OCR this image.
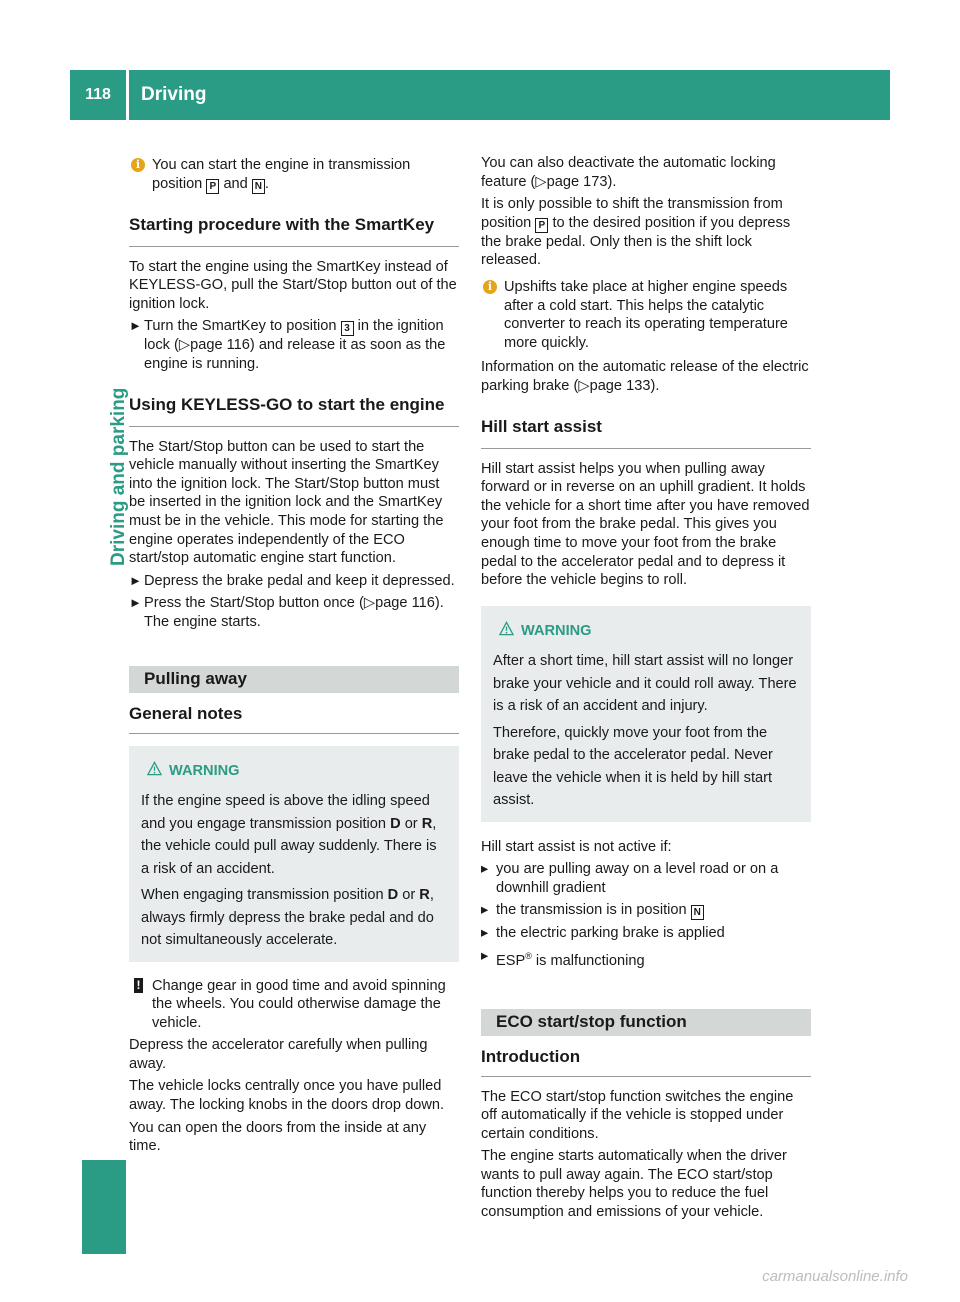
118	Driving
Driving and parking

i You can start the engine in transmission position P and N .

Starting procedure with the SmartKey

To start the engine using the SmartKey instead of KEYLESS-GO, pull the Start/Stop button out of the ignition lock.

► Turn the SmartKey to position 3 in the ignition lock (▷page 116) and release it as soon as the engine is running.

Using KEYLESS-GO to start the engine

The Start/Stop button can be used to start the vehicle manually without inserting the SmartKey into the ignition lock. The Start/Stop button must be inserted in the ignition lock and the SmartKey must be in the vehicle. This mode for starting the engine operates independently of the ECO start/stop automatic engine start function.

► Depress the brake pedal and keep it depressed.

► Press the Start/Stop button once (▷page 116).
The engine starts.

Pulling away

General notes

WARNING

If the engine speed is above the idling speed and you engage transmission position D or R, the vehicle could pull away suddenly. There is a risk of an accident.

When engaging transmission position D or R, always firmly depress the brake pedal and do not simultaneously accelerate.

! Change gear in good time and avoid spinning the wheels. You could otherwise damage the vehicle.

Depress the accelerator carefully when pulling away.

The vehicle locks centrally once you have pulled away. The locking knobs in the doors drop down.

You can open the doors from the inside at any time.

You can also deactivate the automatic locking feature (▷page 173).

It is only possible to shift the transmission from position P to the desired position if you depress the brake pedal. Only then is the shift lock released.

i Upshifts take place at higher engine speeds after a cold start. This helps the catalytic converter to reach its operating temperature more quickly.

Information on the automatic release of the electric parking brake (▷page 133).

Hill start assist

Hill start assist helps you when pulling away forward or in reverse on an uphill gradient. It holds the vehicle for a short time after you have removed your foot from the brake pedal. This gives you enough time to move your foot from the brake pedal to the accelerator pedal and to depress it before the vehicle begins to roll.

WARNING

After a short time, hill start assist will no longer brake your vehicle and it could roll away. There is a risk of an accident and injury.

Therefore, quickly move your foot from the brake pedal to the accelerator pedal. Never leave the vehicle when it is held by hill start assist.

Hill start assist is not active if:

▸ you are pulling away on a level road or on a downhill gradient

▸ the transmission is in position N

▸ the electric parking brake is applied

▸ ESP® is malfunctioning

ECO start/stop function

Introduction

The ECO start/stop function switches the engine off automatically if the vehicle is stopped under certain conditions.

The engine starts automatically when the driver wants to pull away again. The ECO start/stop function thereby helps you to reduce the fuel consumption and emissions of your vehicle.

carmanualsonline.info
